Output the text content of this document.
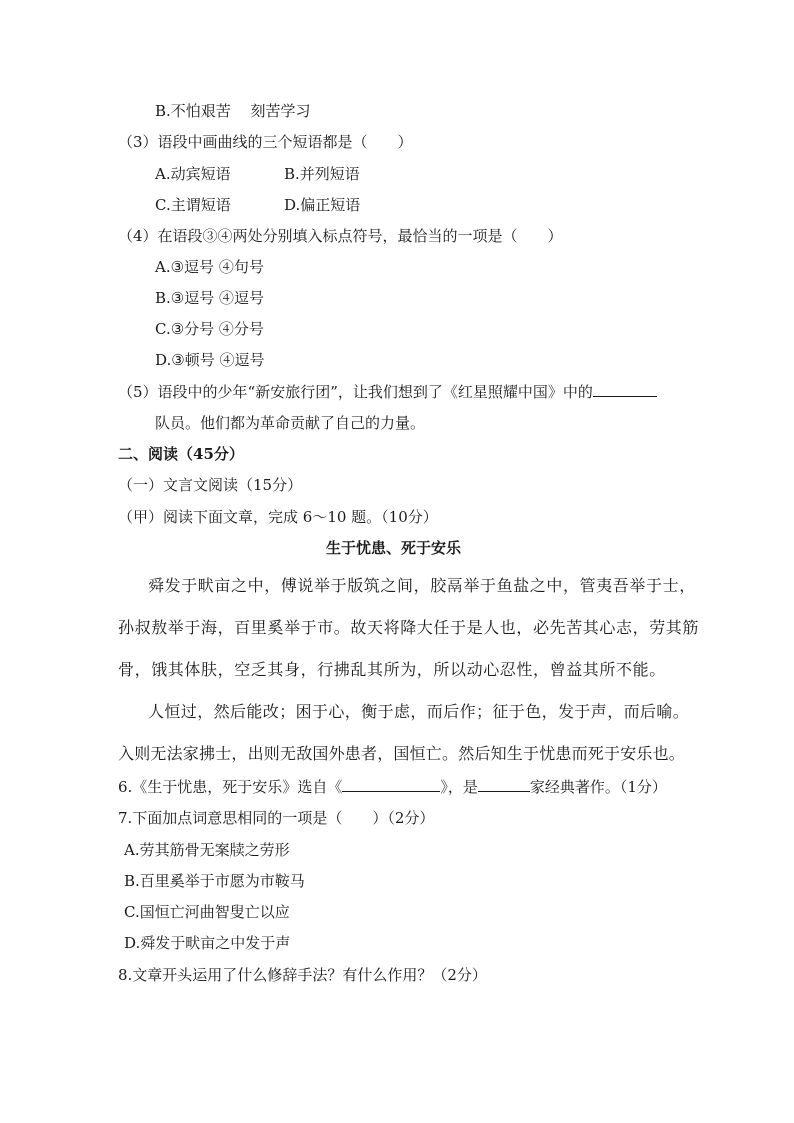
B.不怕艰苦　 刻苦学习
（3）语段中画曲线的三个短语都是（　　）
A.动宾短语	B.并列短语
C.主谓短语	D.偏正短语
（4）在语段③④两处分别填入标点符号，最恰当的一项是（　　）
A.③逗号 ④句号
B.③逗号 ④逗号
C.③分号 ④分号
D.③顿号 ④逗号
（5）语段中的少年“新安旅行团”，让我们想到了《红星照耀中国》中的
队员。他们都为革命贡献了自己的力量。
二、阅读（45分）
（一）文言文阅读（15分）
（甲）阅读下面文章，完成 6～10 题。（10分）
生于忧患、死于安乐
舜发于畎亩之中，傅说举于版筑之间，胶鬲举于鱼盐之中，管夷吾举于士，
孙叔敖举于海，百里奚举于市。故天将降大任于是人也，必先苦其心志，劳其筋
骨，饿其体肤，空乏其身，行拂乱其所为，所以动心忍性，曾益其所不能。
人恒过，然后能改；困于心，衡于虑，而后作；征于色，发于声，而后喻。
入则无法家拂士，出则无敌国外患者，国恒亡。然后知生于忧患而死于安乐也。
6.《生于忧患，死于安乐》选自《	》，是	家经典著作。（1分）
7.下面加点词意思相同的一项是（　　）（2分）
A.劳其筋骨无案牍之劳形
B.百里奚举于市愿为市鞍马
C.国恒亡河曲智叟亡以应
D.舜发于畎亩之中发于声
8.文章开头运用了什么修辞手法？有什么作用？（2分）
